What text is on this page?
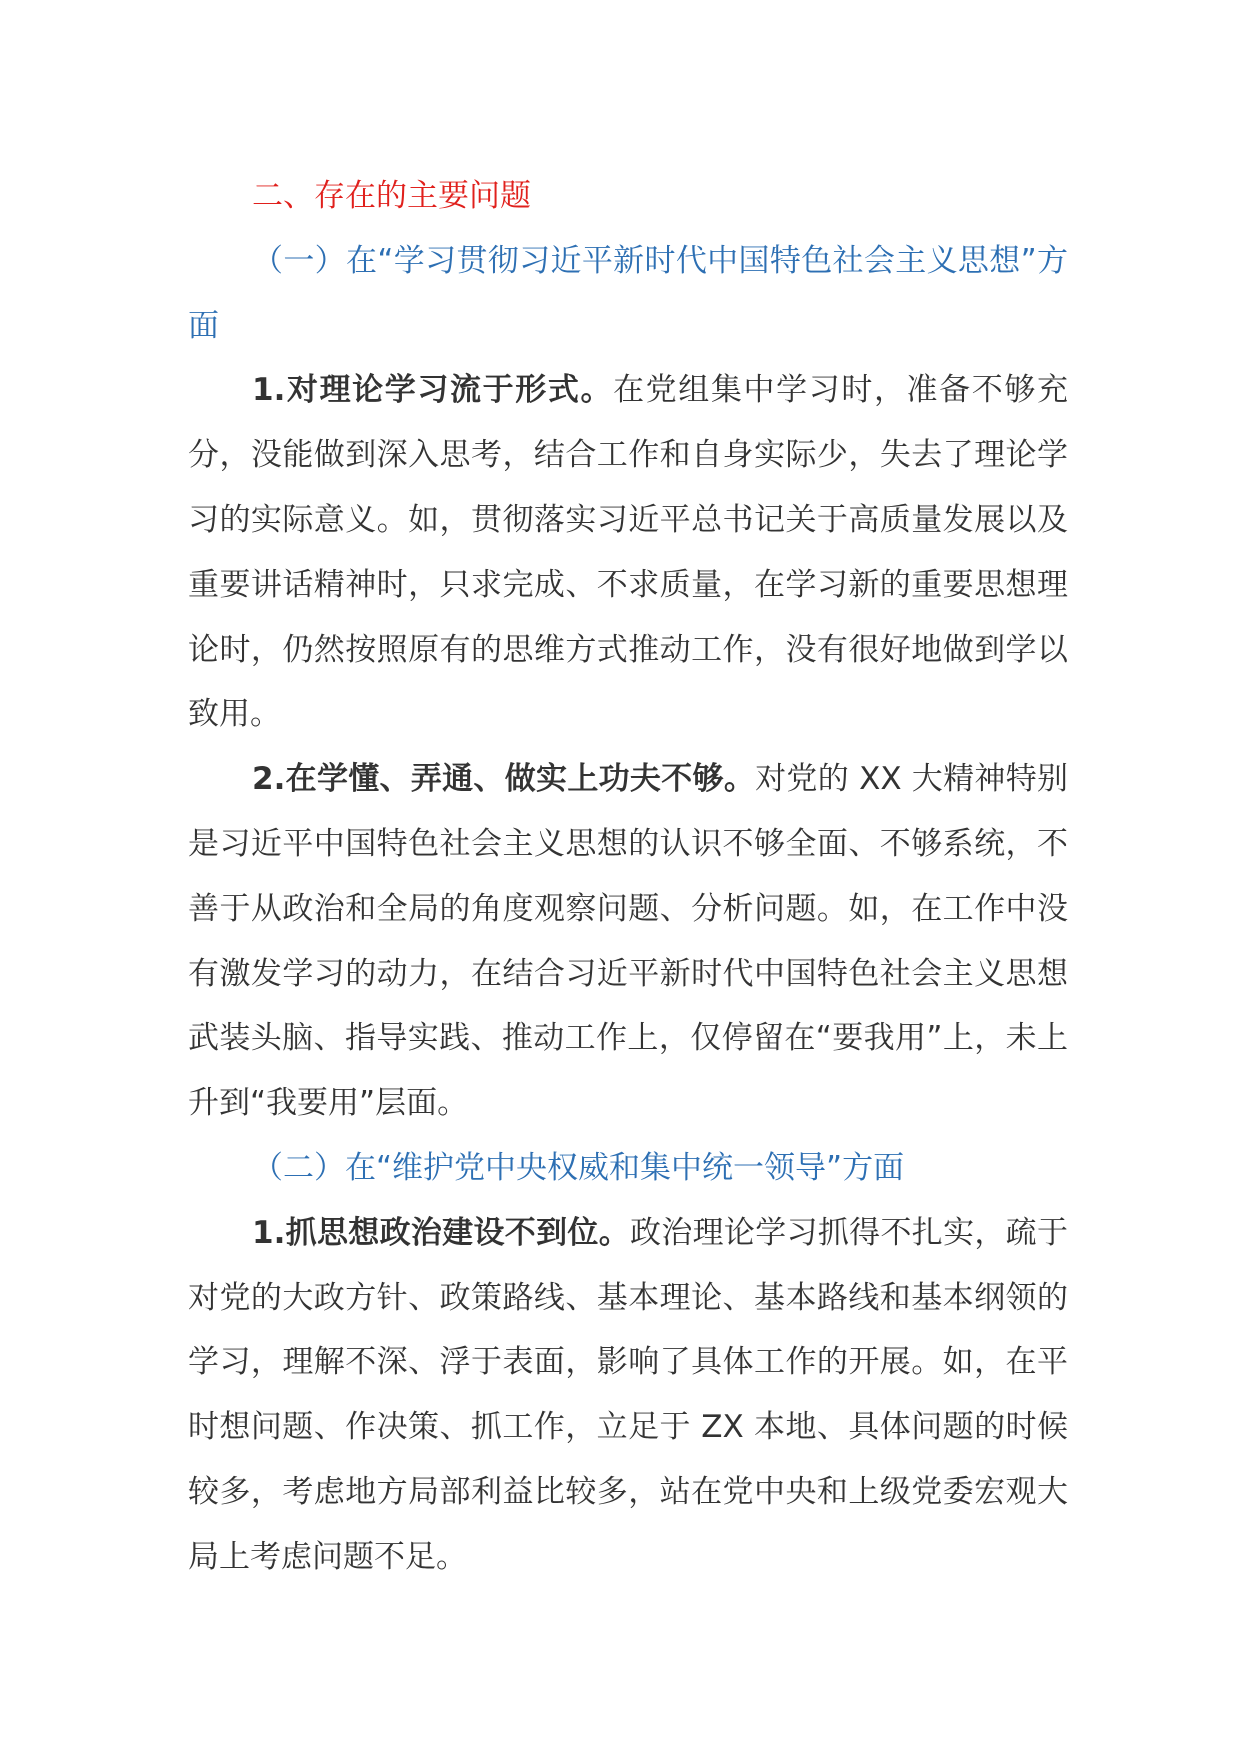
二、存在的主要问题

（一）在“学习贯彻习近平新时代中国特色社会主义思想”方面

1.对理论学习流于形式。在党组集中学习时，准备不够充分，没能做到深入思考，结合工作和自身实际少，失去了理论学习的实际意义。如，贯彻落实习近平总书记关于高质量发展以及重要讲话精神时，只求完成、不求质量，在学习新的重要思想理论时，仍然按照原有的思维方式推动工作，没有很好地做到学以致用。

2.在学懂、弄通、做实上功夫不够。对党的 XX 大精神特别是习近平中国特色社会主义思想的认识不够全面、不够系统，不善于从政治和全局的角度观察问题、分析问题。如，在工作中没有激发学习的动力，在结合习近平新时代中国特色社会主义思想武装头脑、指导实践、推动工作上，仅停留在“要我用”上，未上升到“我要用”层面。

（二）在“维护党中央权威和集中统一领导”方面

1.抓思想政治建设不到位。政治理论学习抓得不扎实，疏于对党的大政方针、政策路线、基本理论、基本路线和基本纲领的学习，理解不深、浮于表面，影响了具体工作的开展。如，在平时想问题、作决策、抓工作，立足于 ZX 本地、具体问题的时候较多，考虑地方局部利益比较多，站在党中央和上级党委宏观大局上考虑问题不足。
